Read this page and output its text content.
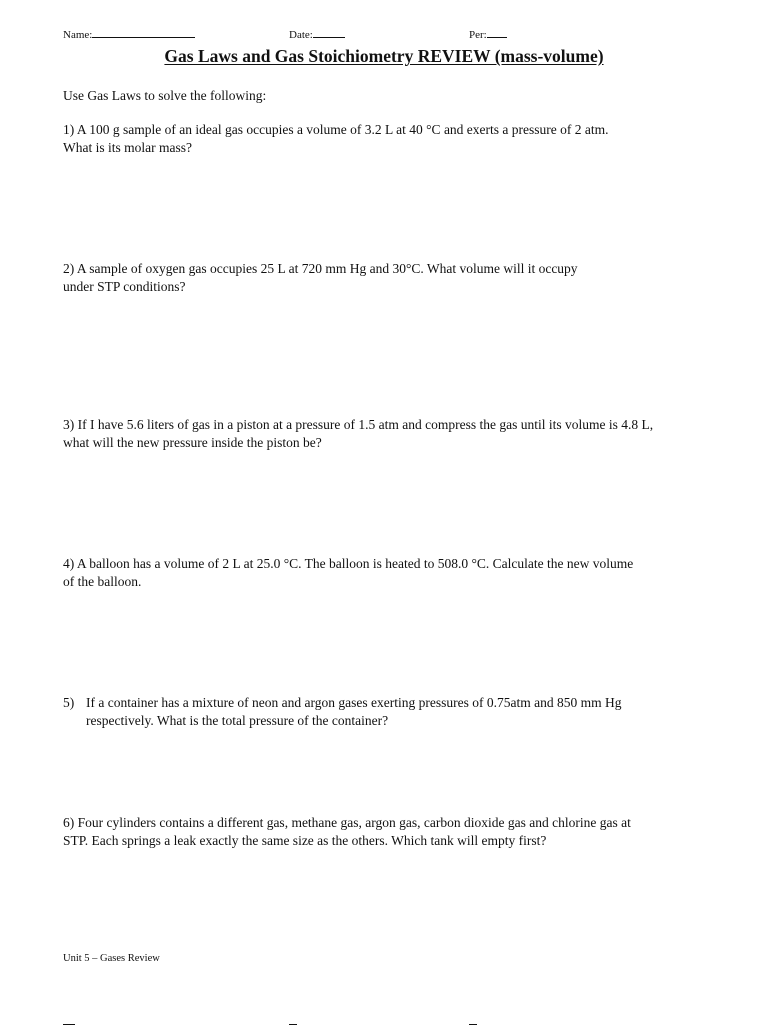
Name:	Date:	Per:
Gas Laws and Gas Stoichiometry REVIEW (mass-volume)
Use Gas Laws to solve the following:
1) A 100 g sample of an ideal gas occupies a volume of 3.2 L at 40 °C and exerts a pressure of 2 atm.
What is its molar mass?
2) A sample of oxygen gas occupies 25 L at 720 mm Hg and 30°C. What volume will it occupy
under STP conditions?
3) If I have 5.6 liters of gas in a piston at a pressure of 1.5 atm and compress the gas until its volume is 4.8 L,
what will the new pressure inside the piston be?
4) A balloon has a volume of 2 L at 25.0 °C. The balloon is heated to 508.0 °C. Calculate the new volume
of the balloon.
5) If a container has a mixture of neon and argon gases exerting pressures of 0.75atm and 850 mm Hg
respectively. What is the total pressure of the container?
6) Four cylinders contains a different gas, methane gas, argon gas, carbon dioxide gas and chlorine gas at
STP. Each springs a leak exactly the same size as the others. Which tank will empty first?
Unit 5 – Gases Review
